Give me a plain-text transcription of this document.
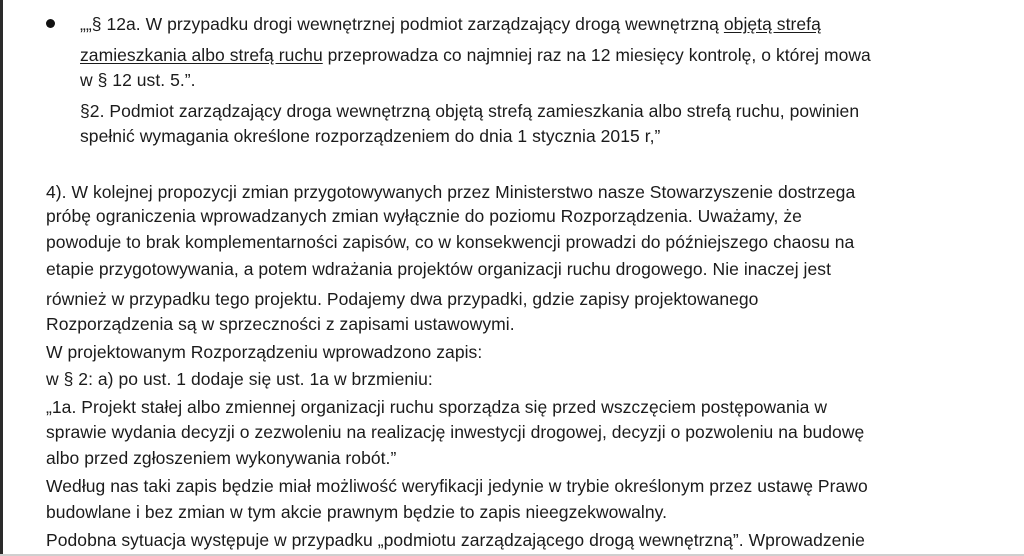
„„§ 12a. W przypadku drogi wewnętrznej podmiot zarządzający drogą wewnętrzną objętą strefą
zamieszkania albo strefą ruchu przeprowadza co najmniej raz na 12 miesięcy kontrolę, o której mowa
w § 12 ust. 5.”.
§2. Podmiot zarządzający droga wewnętrzną objętą strefą zamieszkania albo strefą ruchu, powinien
spełnić wymagania określone rozporządzeniem do dnia 1 stycznia 2015 r,”
4). W kolejnej propozycji zmian przygotowywanych przez Ministerstwo nasze Stowarzyszenie dostrzega
próbę ograniczenia wprowadzanych zmian wyłącznie do poziomu Rozporządzenia. Uważamy, że
powoduje to brak komplementarności zapisów, co w konsekwencji prowadzi do późniejszego chaosu na
etapie przygotowywania, a potem wdrażania projektów organizacji ruchu drogowego. Nie inaczej jest
również w przypadku tego projektu. Podajemy dwa przypadki, gdzie zapisy projektowanego
Rozporządzenia są w sprzeczności z zapisami ustawowymi.
W projektowanym Rozporządzeniu wprowadzono zapis:
w § 2: a) po ust. 1 dodaje się ust. 1a w brzmieniu:
„1a. Projekt stałej albo zmiennej organizacji ruchu sporządza się przed wszczęciem postępowania w
sprawie wydania decyzji o zezwoleniu na realizację inwestycji drogowej, decyzji o pozwoleniu na budowę
albo przed zgłoszeniem wykonywania robót.”
Według nas taki zapis będzie miał możliwość weryfikacji jedynie w trybie określonym przez ustawę Prawo
budowlane i bez zmian w tym akcie prawnym będzie to zapis nieegzekwowalny.
Podobna sytuacja występuje w przypadku „podmiotu zarządzającego drogą wewnętrzną”. Wprowadzenie
